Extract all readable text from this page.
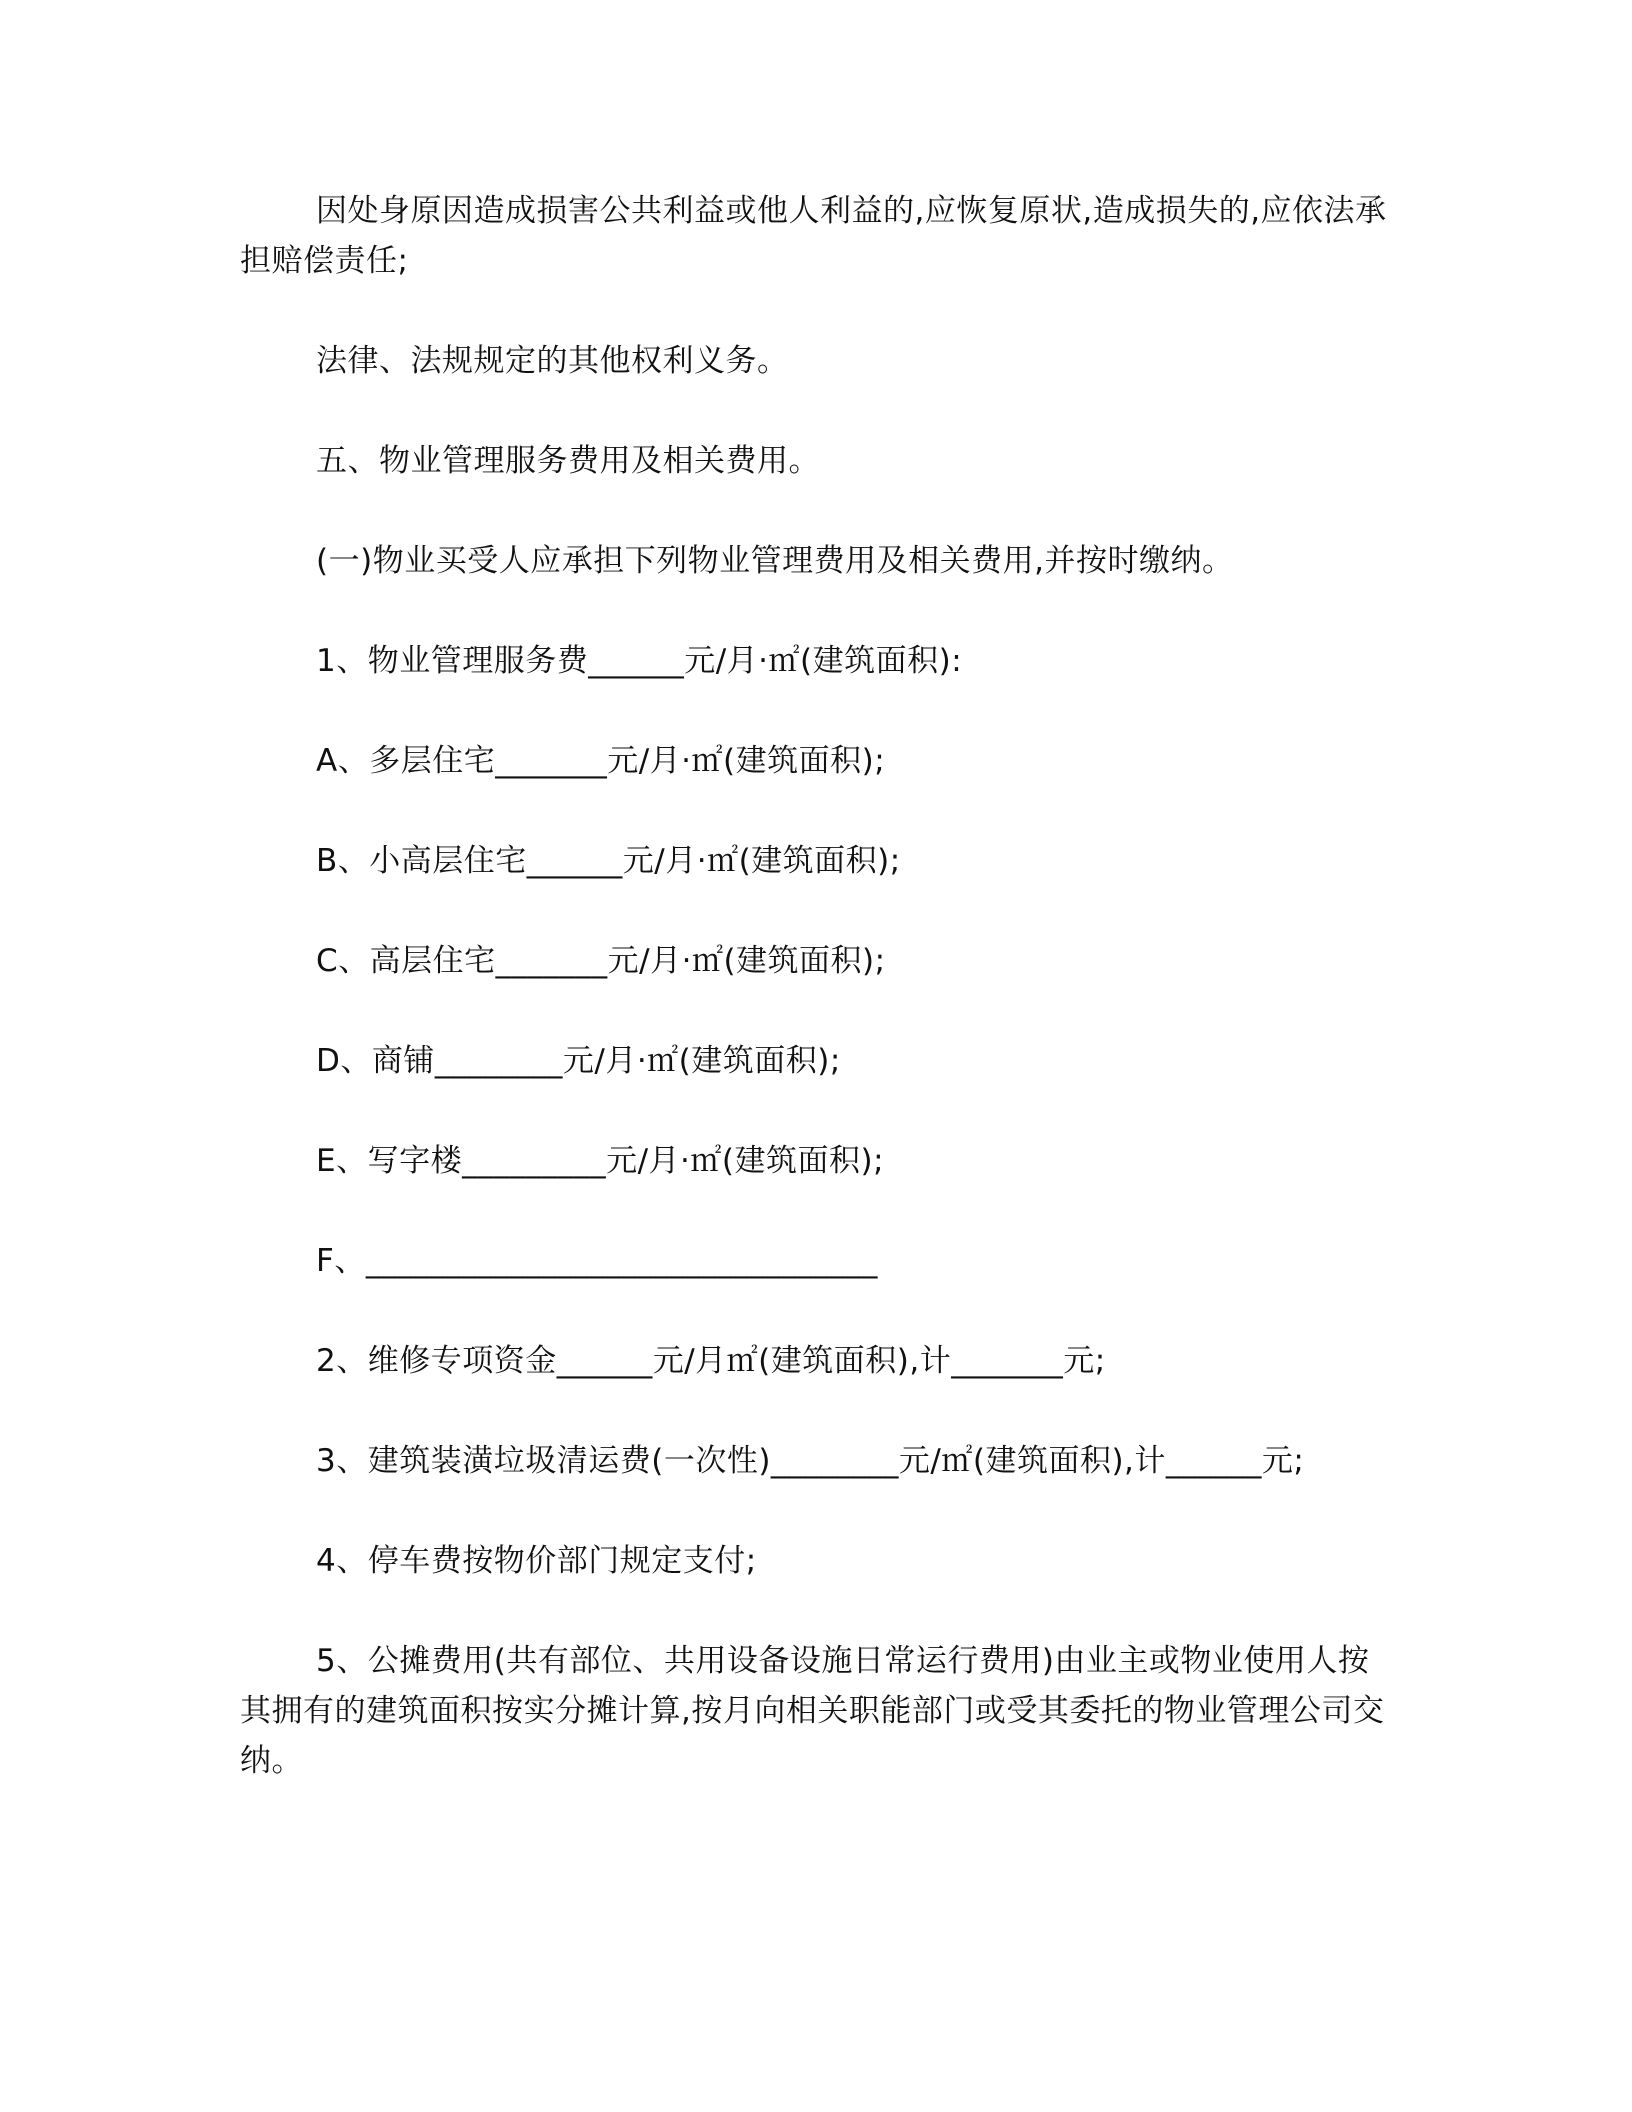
因处身原因造成损害公共利益或他人利益的,应恢复原状,造成损失的,应依法承担赔偿责任;

法律、法规规定的其他权利义务。

五、物业管理服务费用及相关费用。

(一)物业买受人应承担下列物业管理费用及相关费用,并按时缴纳。

1、物业管理服务费______元/月·㎡(建筑面积):

A、多层住宅_______元/月·㎡(建筑面积);

B、小高层住宅______元/月·㎡(建筑面积);

C、高层住宅_______元/月·㎡(建筑面积);

D、商铺________元/月·㎡(建筑面积);

E、写字楼_________元/月·㎡(建筑面积);

F、________________________________

2、维修专项资金______元/月㎡(建筑面积),计_______元;

3、建筑装潢垃圾清运费(一次性)________元/㎡(建筑面积),计______元;

4、停车费按物价部门规定支付;

5、公摊费用(共有部位、共用设备设施日常运行费用)由业主或物业使用人按其拥有的建筑面积按实分摊计算,按月向相关职能部门或受其委托的物业管理公司交纳。
